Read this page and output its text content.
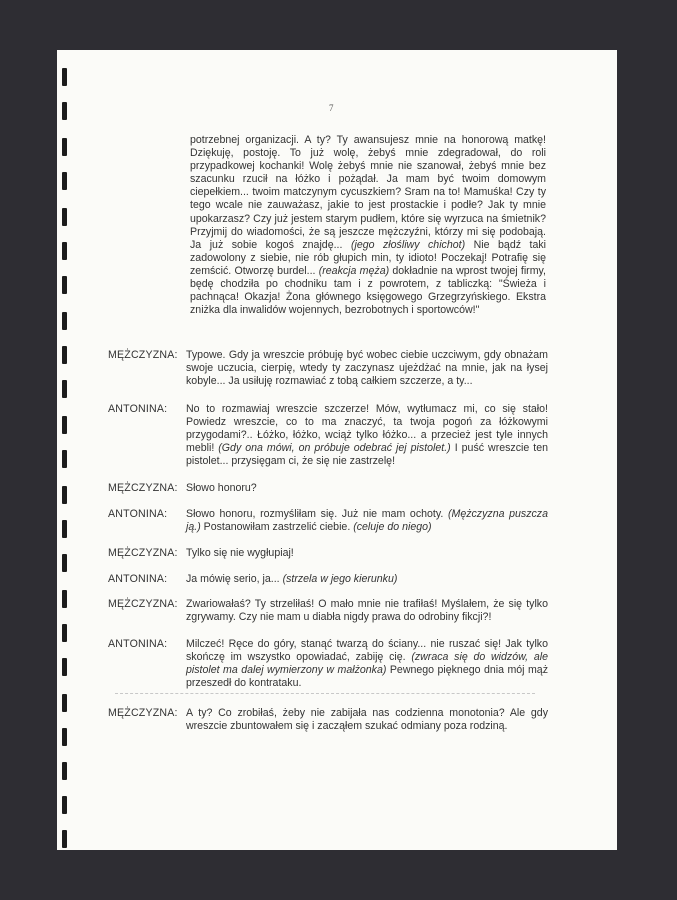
7
potrzebnej organizacji. A ty? Ty awansujesz mnie na honorową matkę! Dziękuję, postoję. To już wolę, żebyś mnie zdegradował, do roli przypadkowej kochanki! Wolę żebyś mnie nie szanował, żebyś mnie bez szacunku rzucił na łóżko i pożądał. Ja mam być twoim domowym ciepełkiem... twoim matczynym cycuszkiem? Sram na to! Mamuśka! Czy ty tego wcale nie zauważasz, jakie to jest prostackie i podłe? Jak ty mnie upokarzasz? Czy już jestem starym pudłem, które się wyrzuca na śmietnik? Przyjmij do wiadomości, że są jeszcze mężczyźni, którzy mi się podobają. Ja już sobie kogoś znajdę... (jego złośliwy chichot) Nie bądź taki zadowolony z siebie, nie rób głupich min, ty idioto! Poczekaj! Potrafię się zemścić. Otworzę burdel... (reakcja męża) dokładnie na wprost twojej firmy, będę chodziła po chodniku tam i z powrotem, z tabliczką: "Świeża i pachnąca! Okazja! Żona głównego księgowego Grzegrzyńskiego. Ekstra zniżka dla inwalidów wojennych, bezrobotnych i sportowców!"
MĘŻCZYZNA: Typowe. Gdy ja wreszcie próbuję być wobec ciebie uczciwym, gdy obnażam swoje uczucia, cierpię, wtedy ty zaczynasz ujeżdżać na mnie, jak na łysej kobyle... Ja usiłuję rozmawiać z tobą całkiem szczerze, a ty...
ANTONINA: No to rozmawiaj wreszcie szczerze! Mów, wytłumacz mi, co się stało! Powiedz wreszcie, co to ma znaczyć, ta twoja pogoń za łóżkowymi przygodami?.. Łóżko, łóżko, wciąż tylko łóżko... a przecież jest tyle innych mebli! (Gdy ona mówi, on próbuje odebrać jej pistolet.) I puść wreszcie ten pistolet... przysięgam ci, że się nie zastrzelę!
MĘŻCZYZNA: Słowo honoru?
ANTONINA: Słowo honoru, rozmyśliłam się. Już nie mam ochoty. (Mężczyzna puszcza ją.) Postanowiłam zastrzelić ciebie. (celuje do niego)
MĘŻCZYZNA: Tylko się nie wygłupiaj!
ANTONINA: Ja mówię serio, ja... (strzela w jego kierunku)
MĘŻCZYZNA: Zwariowałaś? Ty strzeliłaś! O mało mnie nie trafiłaś! Myślałem, że się tylko zgrywamy. Czy nie mam u diabła nigdy prawa do odrobiny fikcji?!
ANTONINA: Milczeć! Ręce do góry, stanąć twarzą do ściany... nie ruszać się! Jak tylko skończę im wszystko opowiadać, zabiję cię. (zwraca się do widzów, ale pistolet ma dalej wymierzony w małżonka) Pewnego pięknego dnia mój mąż przeszedł do kontrataku.
MĘŻCZYZNA: A ty? Co zrobiłaś, żeby nie zabijała nas codzienna monotonia? Ale gdy wreszcie zbuntowałem się i zacząłem szukać odmiany poza rodziną.
